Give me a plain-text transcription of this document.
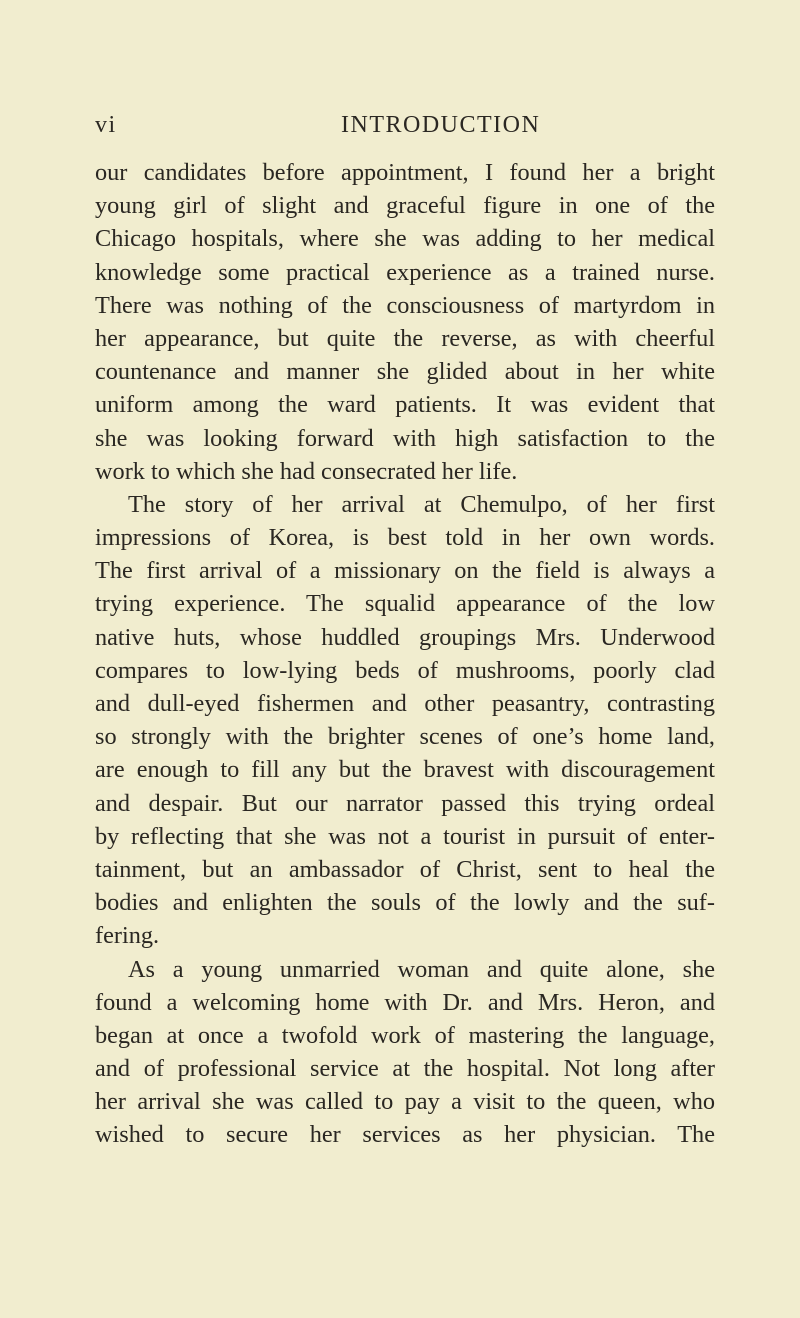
vi	INTRODUCTION
our candidates before appointment, I found her a bright
young girl of slight and graceful figure in one of the
Chicago hospitals, where she was adding to her medical
knowledge some practical experience as a trained nurse.
There was nothing of the consciousness of martyrdom in
her appearance, but quite the reverse, as with cheerful
countenance and manner she glided about in her white
uniform among the ward patients. It was evident that
she was looking forward with high satisfaction to the
work to which she had consecrated her life.
The story of her arrival at Chemulpo, of her first
impressions of Korea, is best told in her own words.
The first arrival of a missionary on the field is always a
trying experience. The squalid appearance of the low
native huts, whose huddled groupings Mrs. Underwood
compares to low-lying beds of mushrooms, poorly clad
and dull-eyed fishermen and other peasantry, contrasting
so strongly with the brighter scenes of one’s home land,
are enough to fill any but the bravest with discouragement
and despair. But our narrator passed this trying ordeal
by reflecting that she was not a tourist in pursuit of enter-
tainment, but an ambassador of Christ, sent to heal the
bodies and enlighten the souls of the lowly and the suf-
fering.
As a young unmarried woman and quite alone, she
found a welcoming home with Dr. and Mrs. Heron, and
began at once a twofold work of mastering the language,
and of professional service at the hospital. Not long after
her arrival she was called to pay a visit to the queen, who
wished to secure her services as her physician. The
